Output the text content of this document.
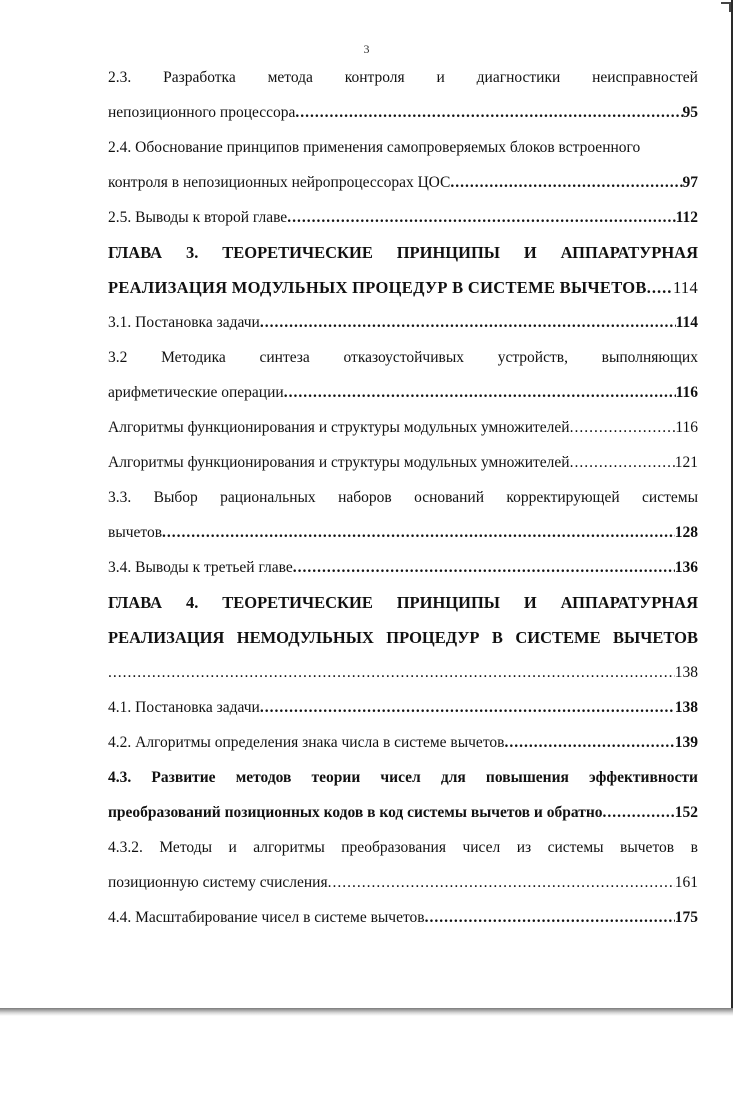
3
2.3. Разработка метода контроля и диагностики неисправностей
непозиционного процессора .....	95
2.4. Обоснование принципов применения самопроверяемых блоков встроенного
контроля в непозиционных нейропроцессорах ЦОС .....	97
2.5. Выводы к второй главе .....	112
ГЛАВА 3. ТЕОРЕТИЧЕСКИЕ ПРИНЦИПЫ И АППАРАТУРНАЯ
РЕАЛИЗАЦИЯ МОДУЛЬНЫХ ПРОЦЕДУР В СИСТЕМЕ ВЫЧЕТОВ ..... 114
3.1. Постановка задачи .....	114
3.2 Методика синтеза отказоустойчивых устройств, выполняющих
арифметические операции .....	116
Алгоритмы функционирования и структуры модульных умножителей .....	116
Алгоритмы функционирования и структуры модульных умножителей .....	121
3.3. Выбор рациональных наборов оснований корректирующей системы
вычетов .....	128
3.4. Выводы к третьей главе .....	136
ГЛАВА 4. ТЕОРЕТИЧЕСКИЕ ПРИНЦИПЫ И АППАРАТУРНАЯ
РЕАЛИЗАЦИЯ НЕМОДУЛЬНЫХ ПРОЦЕДУР В СИСТЕМЕ ВЫЧЕТОВ
.....
138
4.1. Постановка задачи .....	138
4.2. Алгоритмы определения знака числа в системе вычетов .....	139
4.3. Развитие методов теории чисел для повышения эффективности
преобразований позиционных кодов в код системы вычетов и обратно .....	152
4.3.2. Методы и алгоритмы преобразования чисел из системы вычетов в
позиционную систему счисления .....	161
4.4. Масштабирование чисел в системе вычетов .....	175
